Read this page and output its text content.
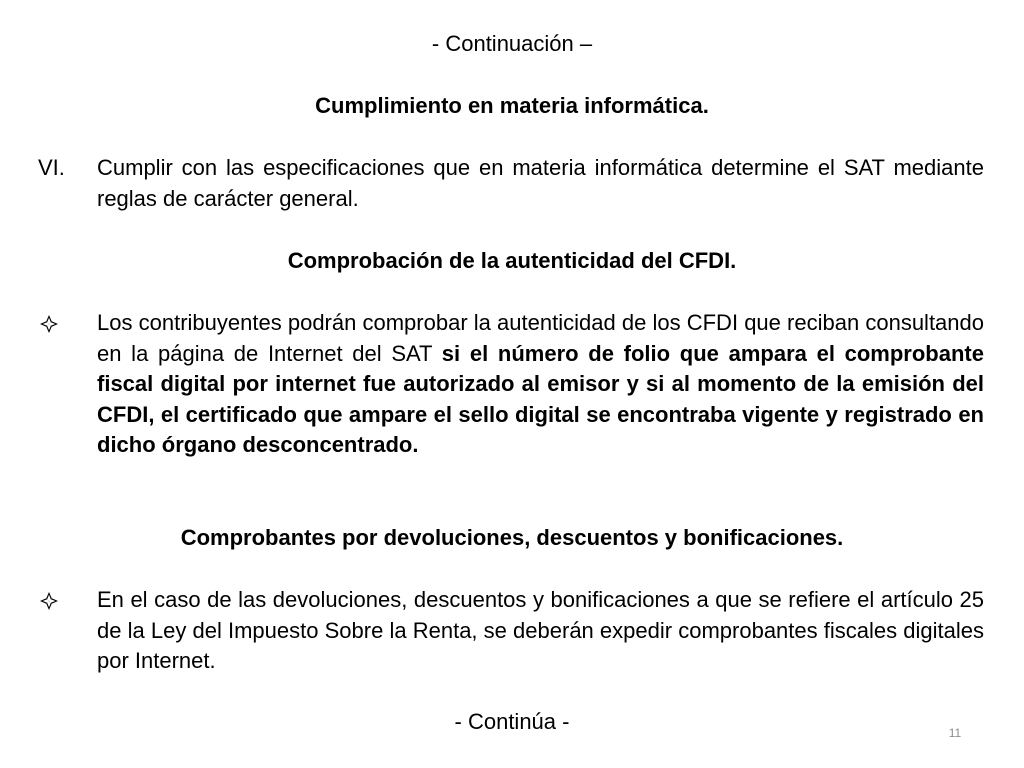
- Continuación –
Cumplimiento en materia informática.
VI. Cumplir con las especificaciones que en materia informática determine el SAT mediante reglas de carácter general.
Comprobación de la autenticidad del CFDI.
Los contribuyentes podrán comprobar la autenticidad de los CFDI que reciban consultando en la página de Internet del SAT si el número de folio que ampara el comprobante fiscal digital por internet fue autorizado al emisor y si al momento de la emisión del CFDI, el certificado que ampare el sello digital se encontraba vigente y registrado en dicho órgano desconcentrado.
Comprobantes por devoluciones, descuentos y bonificaciones.
En el caso de las devoluciones, descuentos y bonificaciones a que se refiere el artículo 25 de la Ley del Impuesto Sobre la Renta, se deberán expedir comprobantes fiscales digitales por Internet.
- Continúa -	11
